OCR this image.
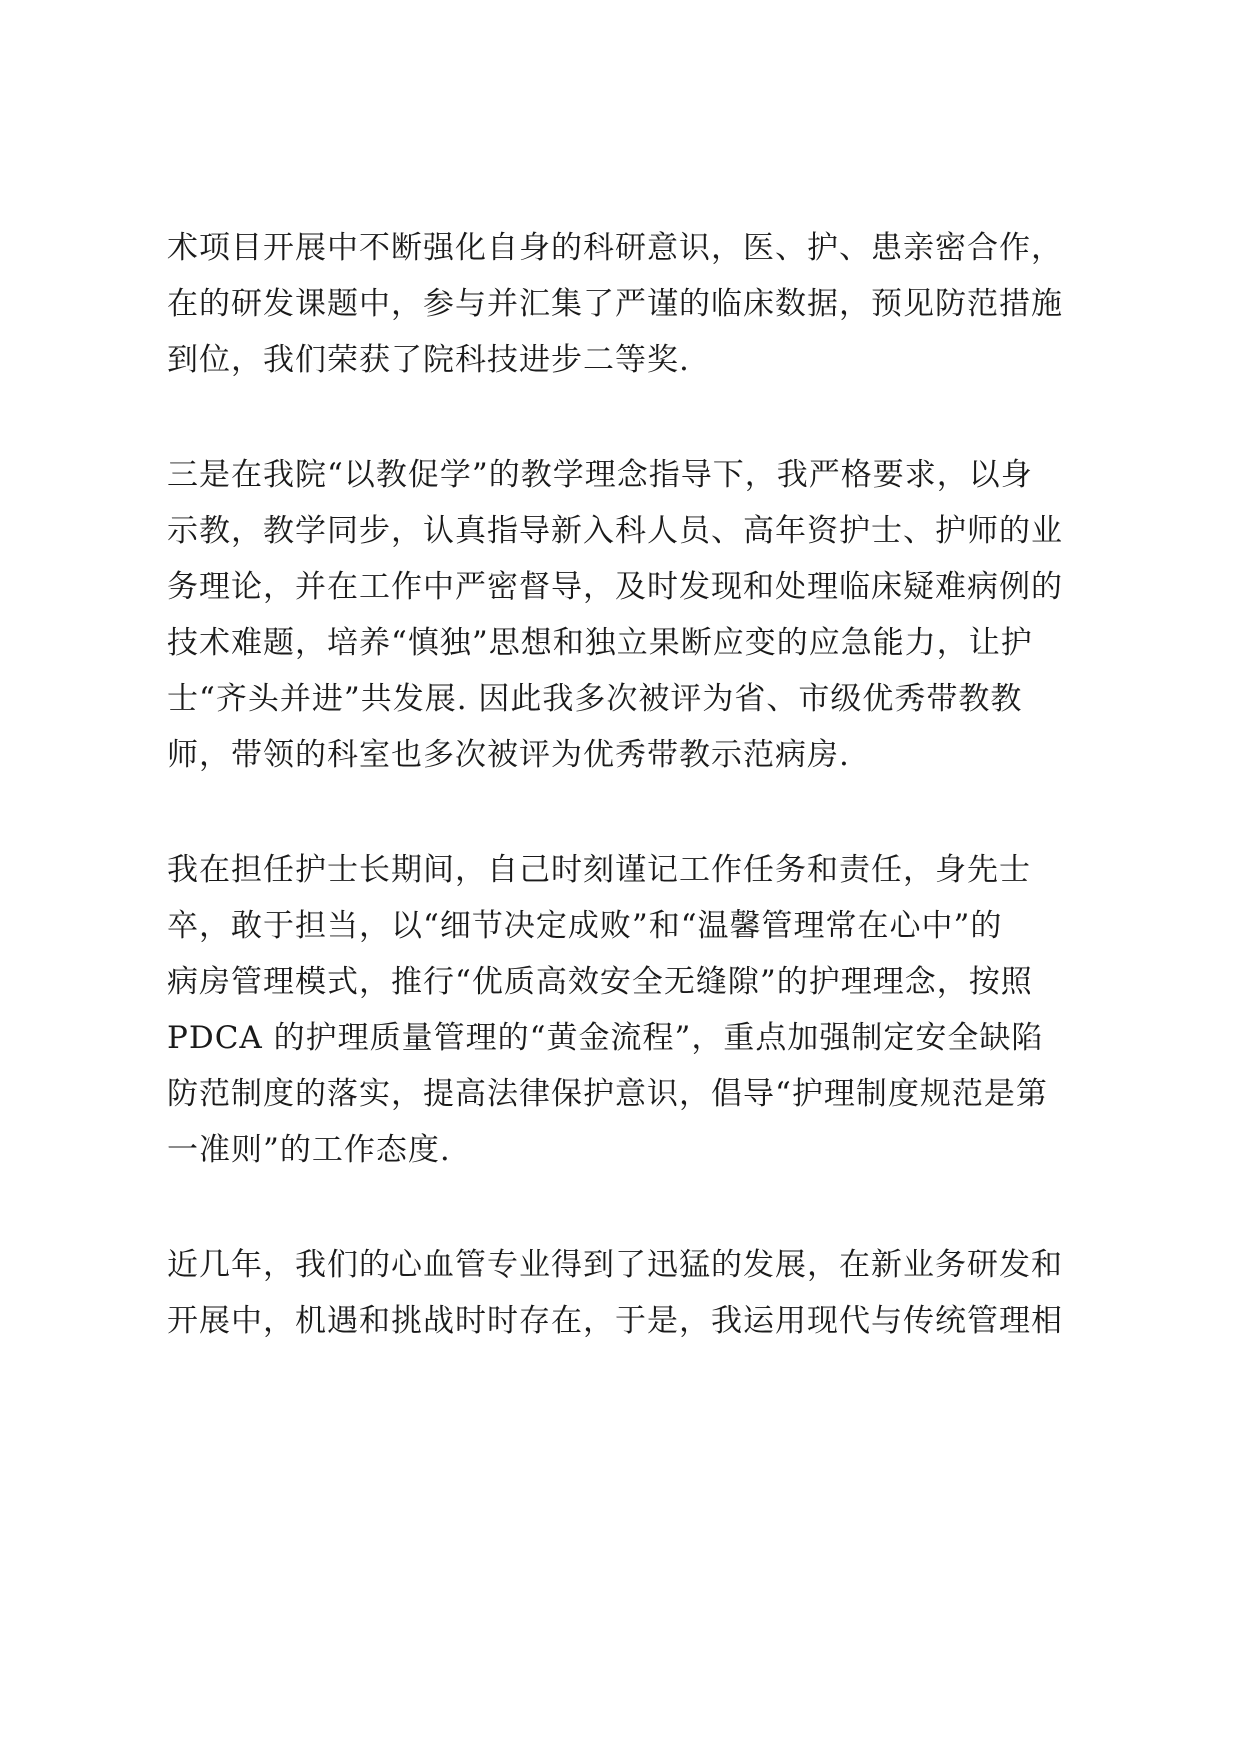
术项目开展中不断强化自身的科研意识，医、护、患亲密合作，
在的研发课题中，参与并汇集了严谨的临床数据，预见防范措施
到位，我们荣获了院科技进步二等奖.
三是在我院“以教促学”的教学理念指导下，我严格要求，以身
示教，教学同步，认真指导新入科人员、高年资护士、护师的业
务理论，并在工作中严密督导，及时发现和处理临床疑难病例的
技术难题，培养“慎独”思想和独立果断应变的应急能力，让护
士“齐头并进”共发展. 因此我多次被评为省、市级优秀带教教
师，带领的科室也多次被评为优秀带教示范病房.
我在担任护士长期间，自己时刻谨记工作任务和责任，身先士
卒，敢于担当，以“细节决定成败”和“温馨管理常在心中”的
病房管理模式，推行“优质高效安全无缝隙”的护理理念，按照
PDCA 的护理质量管理的“黄金流程”，重点加强制定安全缺陷
防范制度的落实，提高法律保护意识，倡导“护理制度规范是第
一准则”的工作态度.
近几年，我们的心血管专业得到了迅猛的发展，在新业务研发和
开展中，机遇和挑战时时存在，于是，我运用现代与传统管理相
